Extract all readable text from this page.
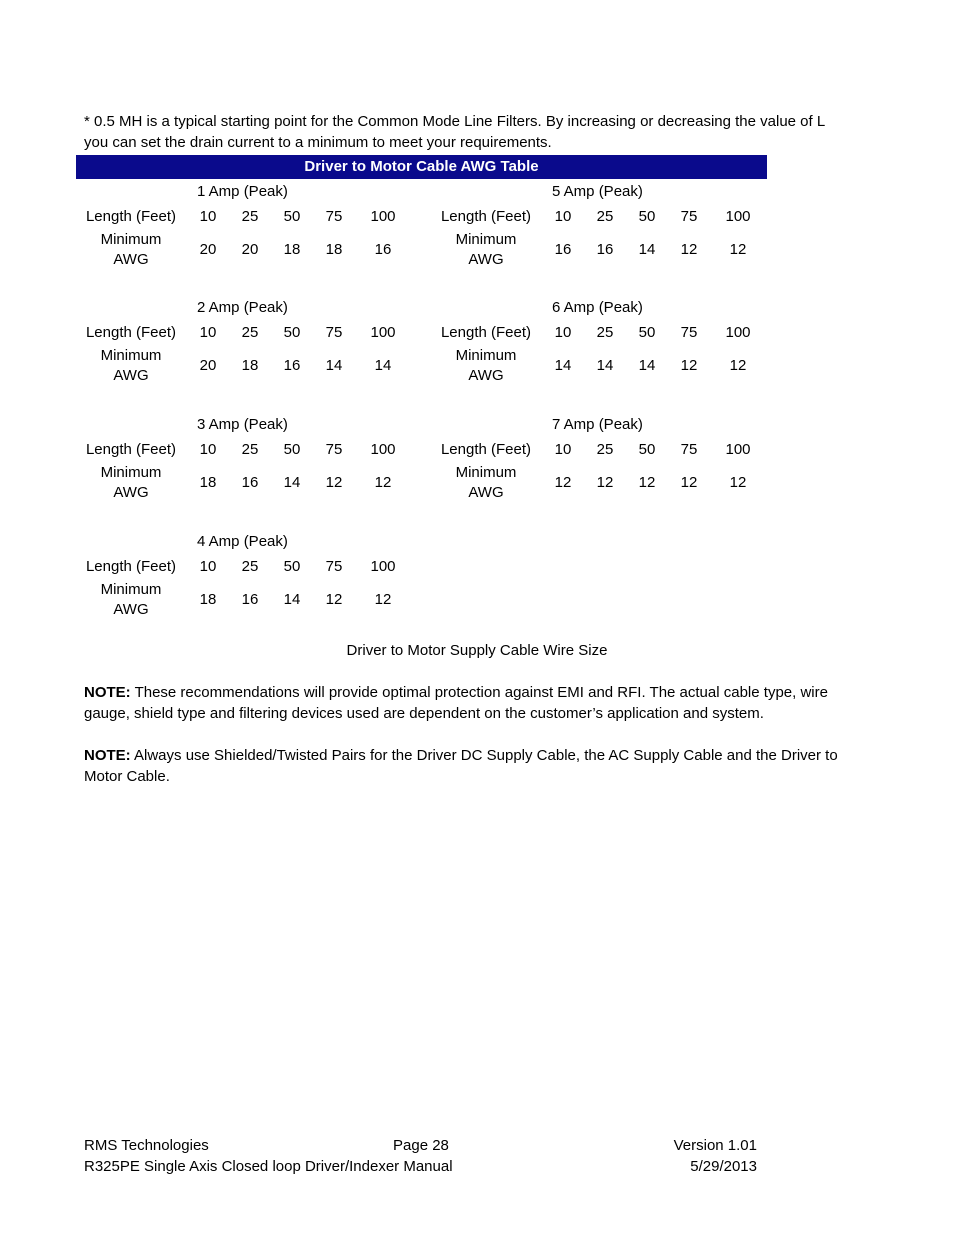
* 0.5 MH is a typical starting point for the Common Mode Line Filters. By increasing or decreasing the value of L
you can set the drain current to a minimum to meet your requirements.
Driver to Motor Cable AWG Table
1 Amp (Peak)
Length (Feet)	10	25	50	75	100
Minimum
AWG
20	20	18	18	16
5 Amp (Peak)
Length (Feet)	10	25	50	75	100
Minimum
AWG
16	16	14	12	12
2 Amp (Peak)
Length (Feet)	10	25	50	75	100
Minimum
AWG
20	18	16	14	14
6 Amp (Peak)
Length (Feet)	10	25	50	75	100
Minimum
AWG
14	14	14	12	12
3 Amp (Peak)
Length (Feet)	10	25	50	75	100
Minimum
AWG
18	16	14	12	12
7 Amp (Peak)
Length (Feet)	10	25	50	75	100
Minimum
AWG
12	12	12	12	12
4 Amp (Peak)
Length (Feet)	10	25	50	75	100
Minimum
AWG
18	16	14	12	12
Driver to Motor Supply Cable Wire Size
NOTE: These recommendations will provide optimal protection against EMI and RFI. The actual cable type, wire
gauge, shield type and filtering devices used are dependent on the customer’s application and system.
NOTE: Always use Shielded/Twisted Pairs for the Driver DC Supply Cable, the AC Supply Cable and the Driver to
Motor Cable.
RMS Technologies	Page 28	Version 1.01
R325PE Single Axis Closed loop Driver/Indexer Manual	5/29/2013
